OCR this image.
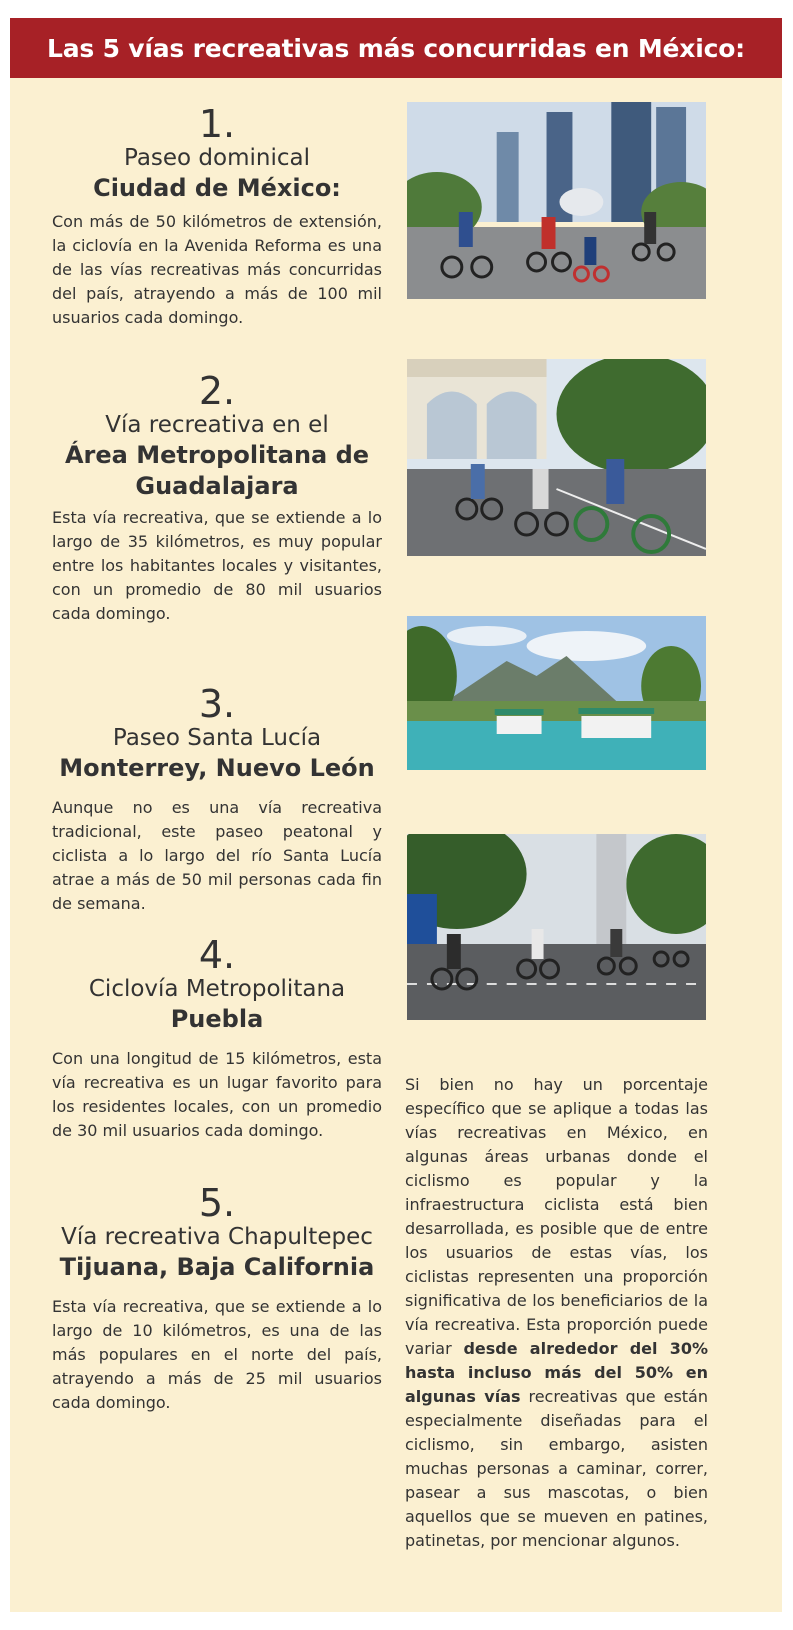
Las 5 vías recreativas más concurridas en México:
1.
Paseo dominical
Ciudad de México:
Con más de 50 kilómetros de extensión, la ciclovía en la Avenida Reforma es una de las vías recreativas más concurridas del país, atrayendo a más de 100 mil usuarios cada domingo.
2.
Vía recreativa en el
Área Metropolitana de
Guadalajara
Esta vía recreativa, que se extiende a lo largo de 35 kilómetros, es muy popular entre los habitantes locales y visitantes, con un promedio de 80 mil usuarios cada domingo.
3.
Paseo Santa Lucía
Monterrey, Nuevo León
Aunque no es una vía recreativa tradicional, este paseo peatonal y ciclista a lo largo del río Santa Lucía atrae a más de 50 mil personas cada fin de semana.
4.
Ciclovía Metropolitana
Puebla
Con una longitud de 15 kilómetros, esta vía recreativa es un lugar favorito para los residentes locales, con un promedio de 30 mil usuarios cada domingo.
5.
Vía recreativa Chapultepec
Tijuana, Baja California
Esta vía recreativa, que se extiende a lo largo de 10 kilómetros, es una de las más populares en el norte del país, atrayendo a más de 25 mil usuarios cada domingo.
Si bien no hay un porcentaje específico que se aplique a todas las vías recreativas en México, en algunas áreas urbanas donde el ciclismo es popular y la infraestructura ciclista está bien desarrollada, es posible que de entre los usuarios de estas vías, los ciclistas representen una proporción significativa de los beneficiarios de la vía recreativa. Esta proporción puede variar desde alrededor del 30% hasta incluso más del 50% en algunas vías recreativas que están especialmente diseñadas para el ciclismo, sin embargo, asisten muchas personas a caminar, correr, pasear a sus mascotas, o bien aquellos que se mueven en patines, patinetas, por mencionar algunos.
